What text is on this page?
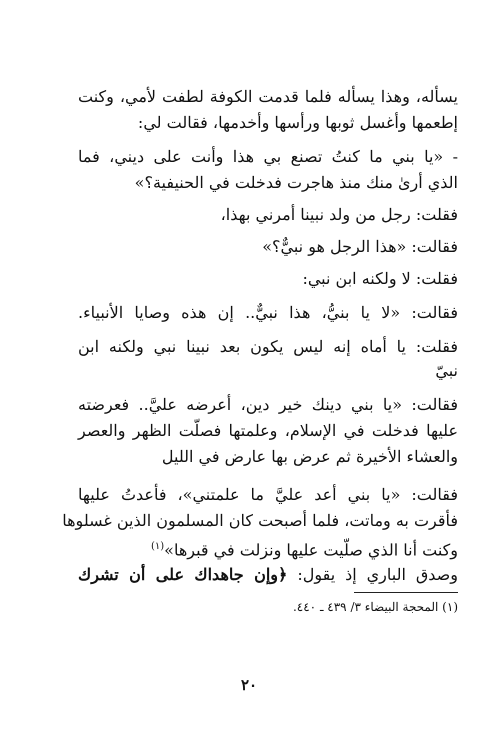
يسأله، وهذا يسأله فلما قدمت الكوفة لطفت لأمي، وكنت
إطعمها وأغسل ثوبها ورأسها وأخدمها، فقالت لي:
- «يا بني ما كنتُ تصنع بي هذا وأنت على ديني، فما
الذي أرىٰ منك منذ هاجرت فدخلت في الحنيفية؟»
فقلت: رجل من ولد نبينا أمرني بهذا،
فقالت: «هذا الرجل هو نبيٌّ؟»
فقلت: لا ولكنه ابن نبي:
فقالت: «لا يا بنيُّ، هذا نبيٌّ.. إن هذه وصايا الأنبياء.
فقلت: يا أماه إنه ليس يكون بعد نبينا نبي ولكنه ابن
نبيّ
فقالت: «يا بني دينك خير دين، أعرضه عليَّ.. فعرضته
عليها فدخلت في الإسلام، وعلمتها فصلّت الظهر والعصر
والعشاء الأخيرة ثم عرض بها عارض في الليل
فقالت: «يا بني أعد عليَّ ما علمتني»، فأعدتُ عليها
فأقرت به وماتت، فلما أصبحت كان المسلمون الذين غسلوها
وكنت أنا الذي صلّيت عليها ونزلت في قبرها»$^{(١)}$
وصدق الباري إذ يقول: ﴿وإن جاهداك على أن تشرك
(١) المحجة البيضاء ٣/ ٤٣٩ ـ ٤٤٠.
٢٠
